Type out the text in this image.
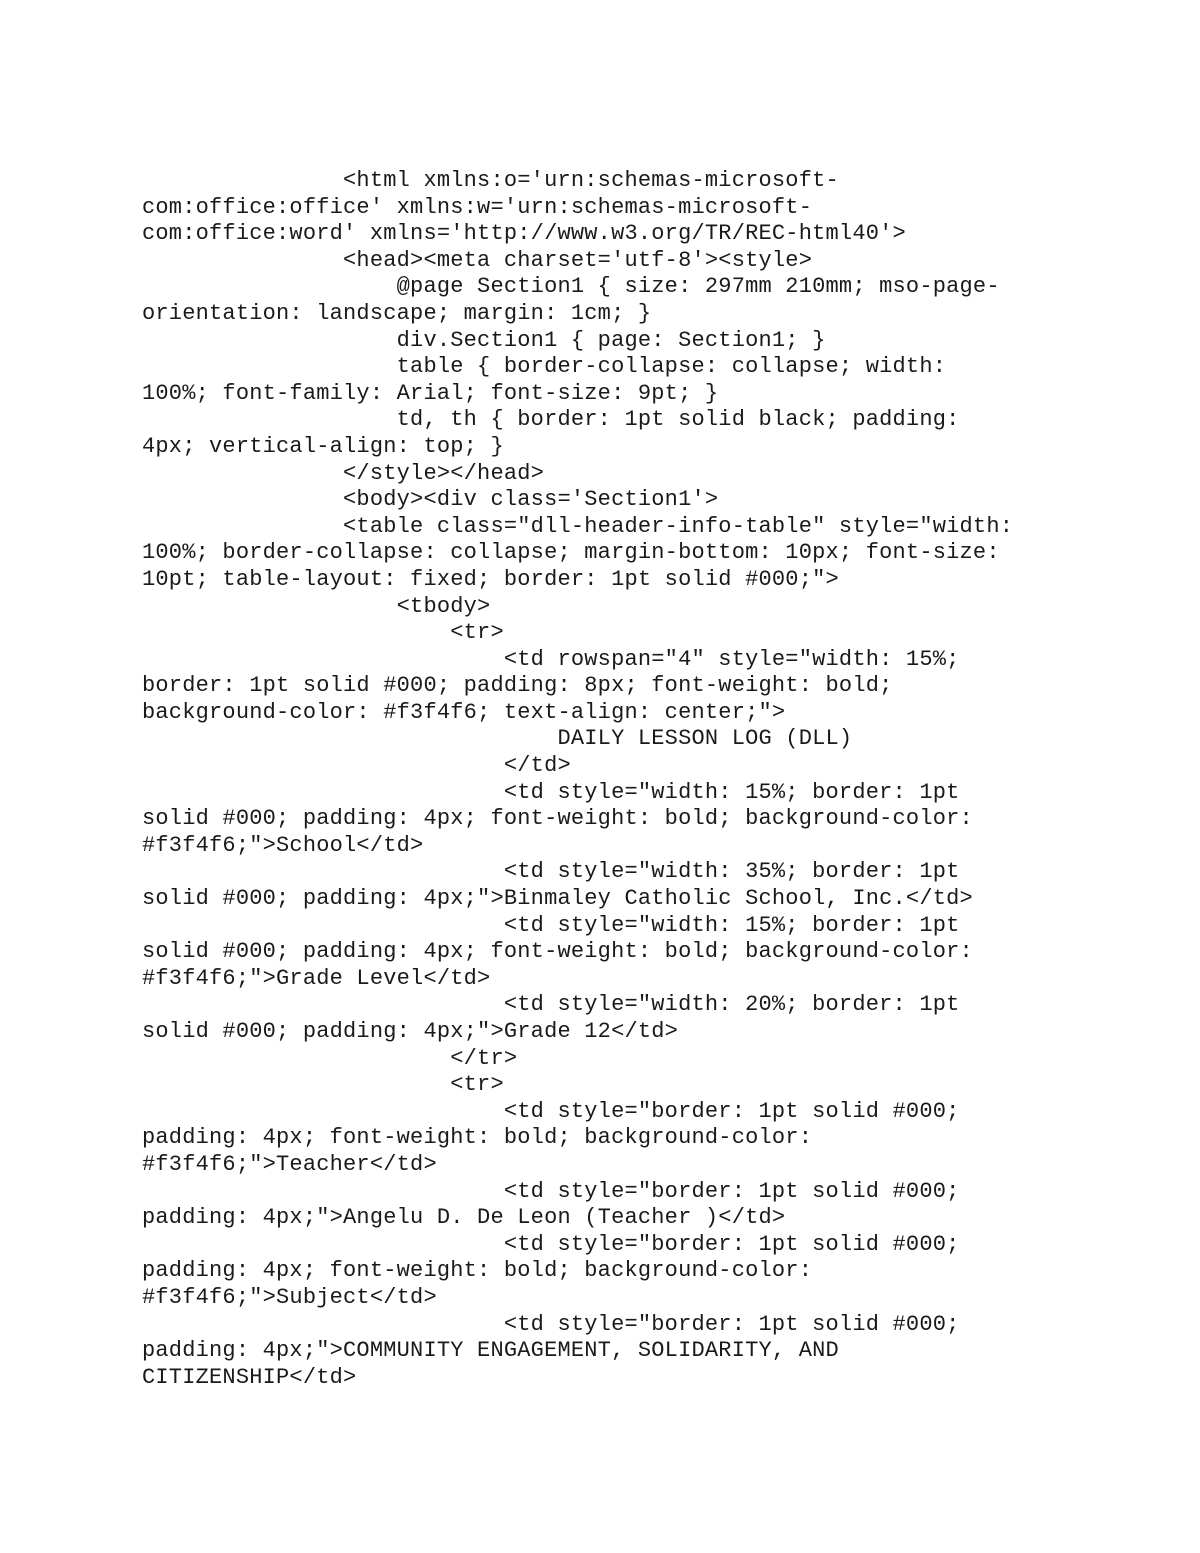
<html xmlns:o='urn:schemas-microsoft-
com:office:office' xmlns:w='urn:schemas-microsoft-
com:office:word' xmlns='http://www.w3.org/TR/REC-html40'>
<head><meta charset='utf-8'><style>
@page Section1 { size: 297mm 210mm; mso-page-
orientation: landscape; margin: 1cm; }
div.Section1 { page: Section1; }
table { border-collapse: collapse; width:
100%; font-family: Arial; font-size: 9pt; }
td, th { border: 1pt solid black; padding:
4px; vertical-align: top; }
</style></head>
<body><div class='Section1'>
<table class="dll-header-info-table" style="width:
100%; border-collapse: collapse; margin-bottom: 10px; font-size:
10pt; table-layout: fixed; border: 1pt solid #000;">
<tbody>
<tr>
<td rowspan="4" style="width: 15%;
border: 1pt solid #000; padding: 8px; font-weight: bold;
background-color: #f3f4f6; text-align: center;">
DAILY LESSON LOG (DLL)
</td>
<td style="width: 15%; border: 1pt
solid #000; padding: 4px; font-weight: bold; background-color:
#f3f4f6;">School</td>
<td style="width: 35%; border: 1pt
solid #000; padding: 4px;">Binmaley Catholic School, Inc.</td>
<td style="width: 15%; border: 1pt
solid #000; padding: 4px; font-weight: bold; background-color:
#f3f4f6;">Grade Level</td>
<td style="width: 20%; border: 1pt
solid #000; padding: 4px;">Grade 12</td>
</tr>
<tr>
<td style="border: 1pt solid #000;
padding: 4px; font-weight: bold; background-color:
#f3f4f6;">Teacher</td>
<td style="border: 1pt solid #000;
padding: 4px;">Angelu D. De Leon (Teacher )</td>
<td style="border: 1pt solid #000;
padding: 4px; font-weight: bold; background-color:
#f3f4f6;">Subject</td>
<td style="border: 1pt solid #000;
padding: 4px;">COMMUNITY ENGAGEMENT, SOLIDARITY, AND
CITIZENSHIP</td>
